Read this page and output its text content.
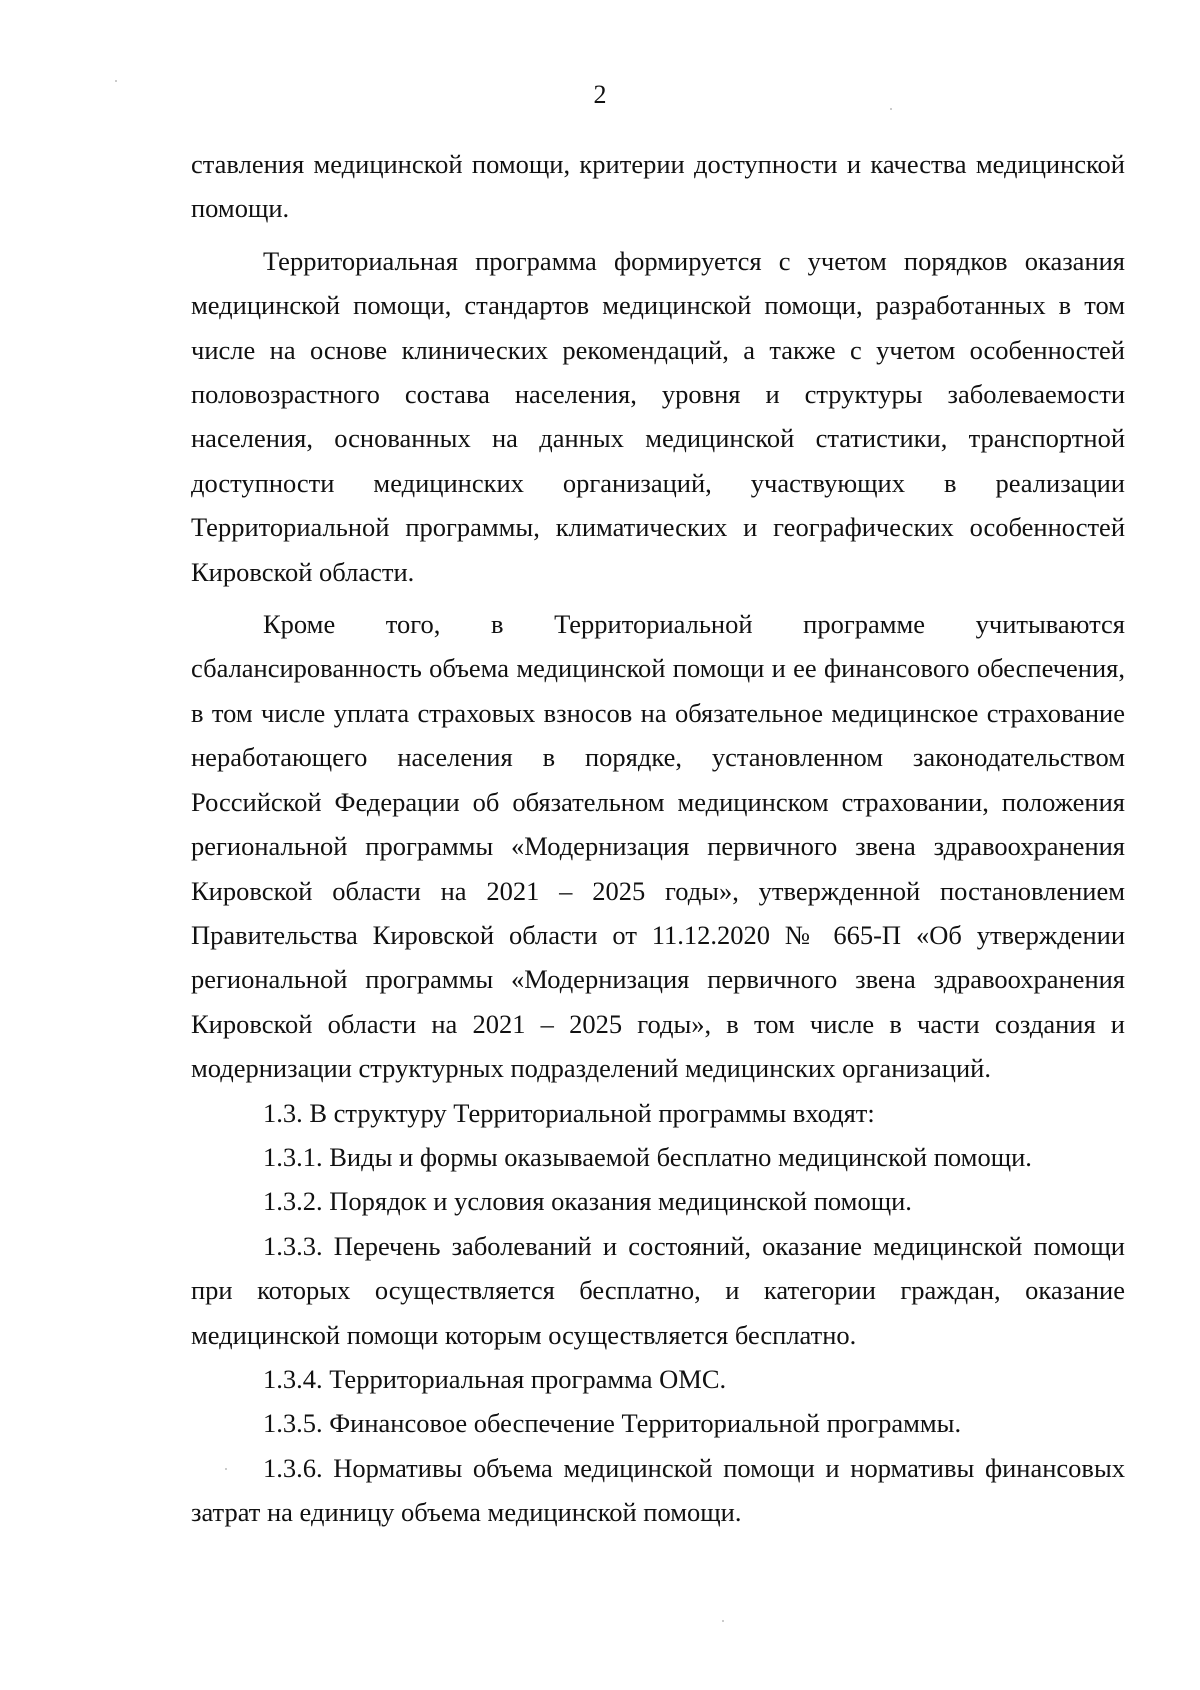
2

ставления медицинской помощи, критерии доступности и качества медицинской помощи.

Территориальная программа формируется с учетом порядков оказания медицинской помощи, стандартов медицинской помощи, разработанных в том числе на основе клинических рекомендаций, а также с учетом особенностей половозрастного состава населения, уровня и структуры заболеваемости населения, основанных на данных медицинской статистики, транспортной доступности медицинских организаций, участвующих в реализации Территориальной программы, климатических и географических особенностей Кировской области.

Кроме того, в Территориальной программе учитываются сбалансированность объема медицинской помощи и ее финансового обеспечения, в том числе уплата страховых взносов на обязательное медицинское страхование неработающего населения в порядке, установленном законодательством Российской Федерации об обязательном медицинском страховании, положения региональной программы «Модернизация первичного звена здравоохранения Кировской области на 2021 – 2025 годы», утвержденной постановлением Правительства Кировской области от 11.12.2020 № 665-П «Об утверждении региональной программы «Модернизация первичного звена здравоохранения Кировской области на 2021 – 2025 годы», в том числе в части создания и модернизации структурных подразделений медицинских организаций.

1.3. В структуру Территориальной программы входят:

1.3.1. Виды и формы оказываемой бесплатно медицинской помощи.

1.3.2. Порядок и условия оказания медицинской помощи.

1.3.3. Перечень заболеваний и состояний, оказание медицинской помощи при которых осуществляется бесплатно, и категории граждан, оказание медицинской помощи которым осуществляется бесплатно.

1.3.4. Территориальная программа ОМС.

1.3.5. Финансовое обеспечение Территориальной программы.

1.3.6. Нормативы объема медицинской помощи и нормативы финансовых затрат на единицу объема медицинской помощи.
